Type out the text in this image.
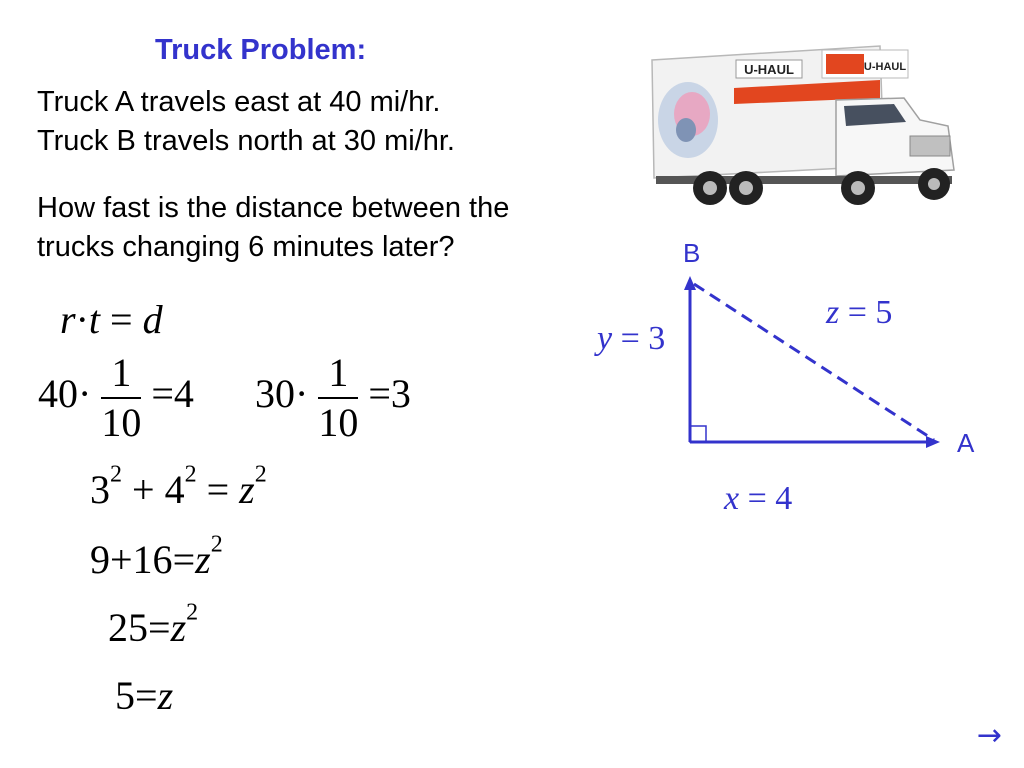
Truck Problem:
Truck A travels east at 40 mi/hr.
Truck B travels north at 30 mi/hr.
How fast is the distance between the
trucks changing 6 minutes later?
U-HAUL	U-HAUL
r·t = d
$40\cdot \frac{1}{10} =4$ $30\cdot \frac{1}{10} =3$
$3^2 + 4^2 = z^2$
$9+16=z^2$
$25=z^2$
5=z
B
A
y = 3
z = 5
x = 4
→
